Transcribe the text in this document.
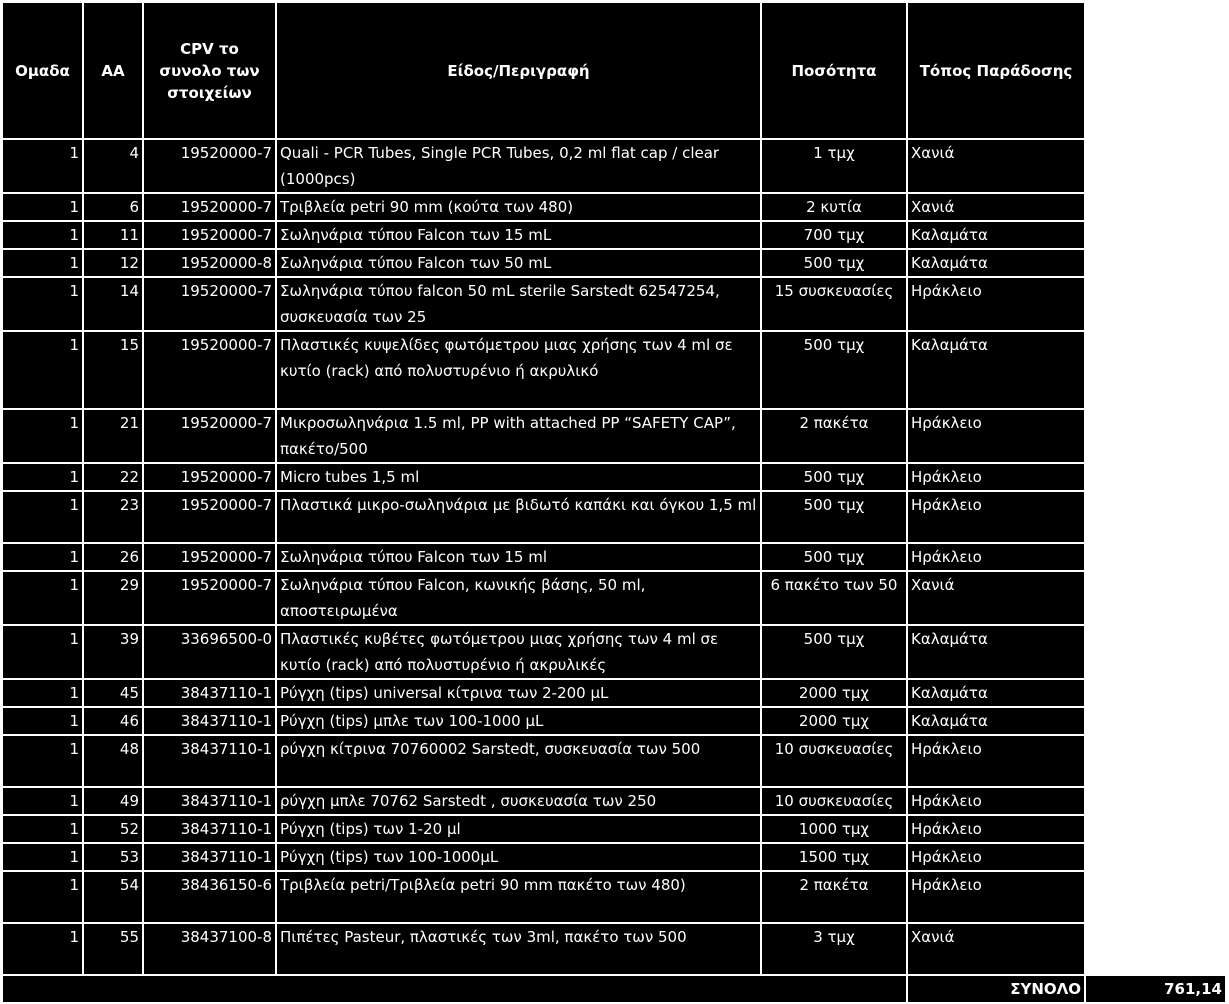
Ομαδα	ΑΑ	CPV το συνολο των στοιχείων	Είδος/Περιγραφή	Ποσότητα	Τόπος Παράδοσης	
1	4	19520000-7	Quali - PCR Tubes, Single PCR Tubes, 0,2 ml flat cap / clear (1000pcs)	1 τμχ	Χανιά	
1	6	19520000-7	Τριβλεία petri 90 mm (κούτα των 480)	2 κυτία	Χανιά	
1	11	19520000-7	Σωληνάρια τύπου Falcon των 15 mL	700 τμχ	Καλαμάτα	
1	12	19520000-8	Σωληνάρια τύπου Falcon των 50 mL	500 τμχ	Καλαμάτα	
1	14	19520000-7	Σωληνάρια τύπου falcon 50 mL sterile Sarstedt 62547254, συσκευασία των 25	15 συσκευασίες	Ηράκλειο	
1	15	19520000-7	Πλαστικές κυψελίδες φωτόμετρου μιας χρήσης των 4 ml σε κυτίο (rack) από πολυστυρένιο ή ακρυλικό	500 τμχ	Καλαμάτα	
1	21	19520000-7	Μικροσωληνάρια 1.5 ml, PP with attached PP “SAFETY CAP”, πακέτο/500	2 πακέτα	Ηράκλειο	
1	22	19520000-7	Micro tubes 1,5 ml	500 τμχ	Ηράκλειο	
1	23	19520000-7	Πλαστικά μικρο-σωληνάρια με βιδωτό καπάκι και όγκου 1,5 ml	500 τμχ	Ηράκλειο	
1	26	19520000-7	Σωληνάρια τύπου Falcon των 15 ml	500 τμχ	Ηράκλειο	
1	29	19520000-7	Σωληνάρια τύπου Falcon, κωνικής βάσης, 50 ml, αποστειρωμένα	6 πακέτο των 50	Χανιά	
1	39	33696500-0	Πλαστικές κυβέτες φωτόμετρου μιας χρήσης των 4 ml σε κυτίο (rack) από πολυστυρένιο ή ακρυλικές	500 τμχ	Καλαμάτα	
1	45	38437110-1	Ρύγχη (tips) universal κίτρινα των 2-200 μL	2000 τμχ	Καλαμάτα	
1	46	38437110-1	Ρύγχη (tips) μπλε των 100-1000 μL	2000 τμχ	Καλαμάτα	
1	48	38437110-1	ρύγχη κίτρινα 70760002 Sarstedt, συσκευασία των 500	10 συσκευασίες	Ηράκλειο	
1	49	38437110-1	ρύγχη μπλε 70762 Sarstedt , συσκευασία των 250	10 συσκευασίες	Ηράκλειο	
1	52	38437110-1	Ρύγχη (tips) των 1-20 μl	1000 τμχ	Ηράκλειο	
1	53	38437110-1	Ρύγχη (tips) των 100-1000μL	1500 τμχ	Ηράκλειο	
1	54	38436150-6	Τριβλεία petri/Τριβλεία petri 90 mm πακέτο των 480)	2 πακέτα	Ηράκλειο	
1	55	38437100-8	Πιπέτες Pasteur, πλαστικές των 3ml, πακέτο των 500	3 τμχ	Χανιά	
					ΣΥΝΟΛΟ	761,14
